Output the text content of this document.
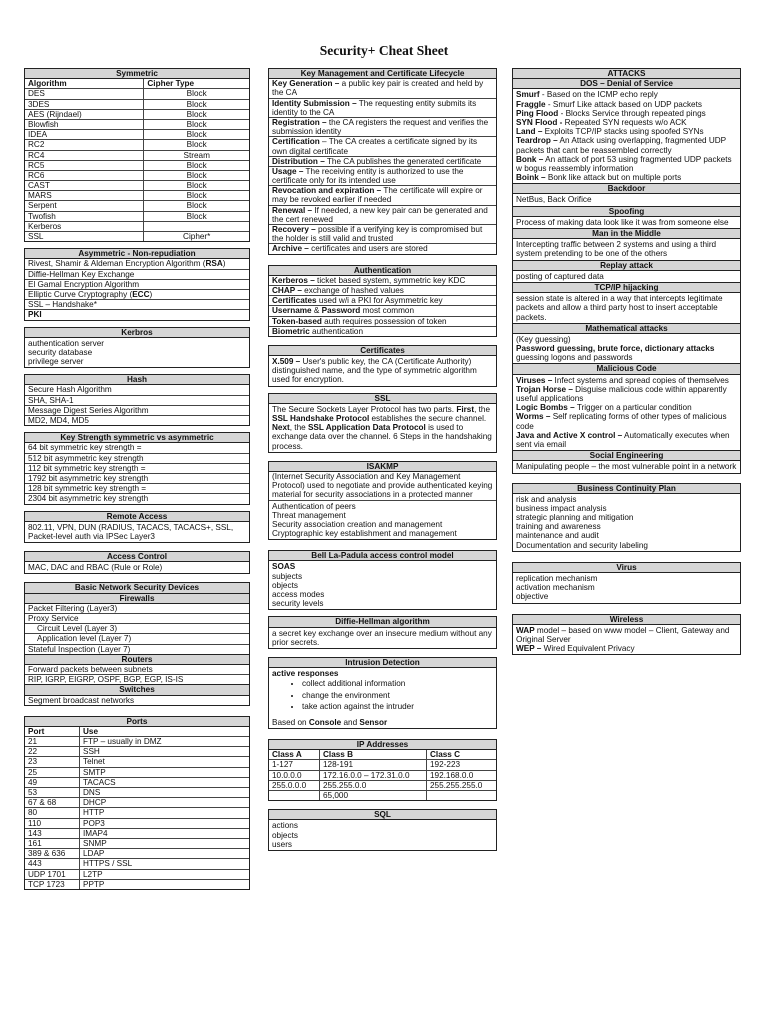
Security+ Cheat Sheet
Symmetric
Algorithm	Cipher Type
DES	Block
3DES	Block
AES (Rijndael)	Block
Blowfish	Block
IDEA	Block
RC2	Block
RC4	Stream
RC5	Block
RC6	Block
CAST	Block
MARS	Block
Serpent	Block
Twofish	Block
Kerberos	
SSL	Cipher*
Asymmetric - Non-repudiation
Rivest, Shamir & Aldeman Encryption Algorithm (RSA)
Diffie-Hellman Key Exchange
El Gamal Encryption Algorithm
Elliptic Curve Cryptography (ECC)
SSL – Handshake*
PKI
Kerbros
authentication server
security database
privilege server
Hash
Secure Hash Algorithm
SHA, SHA-1
Message Digest Series Algorithm
MD2, MD4, MD5
Key Strength symmetric vs asymmetric
64 bit symmetric key strength =
512 bit asymmetric key strength
112 bit symmetric key strength =
1792 bit asymmetric key strength
128 bit symmetric key strength =
2304 bit asymmetric key strength
Remote Access
802.11, VPN, DUN (RADIUS, TACACS, TACACS+, SSL, Packet-level auth via IPSec Layer3
Access Control
MAC, DAC and RBAC (Rule or Role)
Basic Network Security Devices
Firewalls
Packet Filtering (Layer3)
Proxy Service
Circuit Level (Layer 3)
Application level (Layer 7)
Stateful Inspection (Layer 7)
Routers
Forward packets between subnets
RIP, IGRP, EIGRP, OSPF, BGP, EGP, IS-IS
Switches
Segment broadcast networks
Ports
Port	Use
21	FTP – usually in DMZ
22	SSH
23	Telnet
25	SMTP
49	TACACS
53	DNS
67 & 68	DHCP
80	HTTP
110	POP3
143	IMAP4
161	SNMP
389 & 636	LDAP
443	HTTPS / SSL
UDP 1701	L2TP
TCP 1723	PPTP
Key Management and Certificate Lifecycle
Key Generation – a public key pair is created and held by the CA
Identity Submission – The requesting entity submits its identity to the CA
Registration – the CA registers the request and verifies the submission identity
Certification – The CA creates a certificate signed by its own digital certificate
Distribution – The CA publishes the generated certificate
Usage – The receiving entity is authorized to use the certificate only for its intended use
Revocation and expiration – The certificate will expire or may be revoked earlier if needed
Renewal – If needed, a new key pair can be generated and the cert renewed
Recovery – possible if a verifying key is compromised but the holder is still valid and trusted
Archive – certificates and users are stored
Authentication
Kerberos – ticket based system, symmetric key KDC
CHAP – exchange of hashed values
Certificates used w/i a PKI for Asymmetric key
Username & Password most common
Token-based auth requires possession of token
Biometric authentication
Certificates
X.509 – User's public key, the CA (Certificate Authority) distinguished name, and the type of symmetric algorithm used for encryption.
SSL
The Secure Sockets Layer Protocol has two parts. First, the SSL Handshake Protocol establishes the secure channel. Next, the SSL Application Data Protocol is used to exchange data over the channel. 6 Steps in the handshaking process.
ISAKMP
(Internet Security Association and Key Management Protocol) used to negotiate and provide authenticated keying material for security associations in a protected manner
Authentication of peers
Threat management
Security association creation and management
Cryptographic key establishment and management
Bell La-Padula access control model
SOAS
subjects
objects
access modes
security levels
Diffie-Hellman algorithm
a secret key exchange over an insecure medium without any prior secrets.
Intrusion Detection
active responses
• collect additional information
• change the environment
• take action against the intruder
Based on Console and Sensor
IP Addresses
Class A	Class B	Class C
1-127	128-191	192-223
10.0.0.0	172.16.0.0 – 172.31.0.0	192.168.0.0
255.0.0.0	255.255.0.0	255.255.255.0
	65,000	
SQL
actions
objects
users
ATTACKS
DOS – Denial of Service
Smurf - Based on the ICMP echo reply
Fraggle - Smurf Like attack based on UDP packets
Ping Flood - Blocks Service through repeated pings
SYN Flood - Repeated SYN requests w/o ACK
Land – Exploits TCP/IP stacks using spoofed SYNs
Teardrop – An Attack using overlapping, fragmented UDP packets that cant be reassembled correctly
Bonk – An attack of port 53 using fragmented UDP packets w bogus reassembly information
Boink – Bonk like attack but on multiple ports
Backdoor
NetBus, Back Orifice
Spoofing
Process of making data look like it was from someone else
Man in the Middle
Intercepting traffic between 2 systems and using a third system pretending to be one of the others
Replay attack
posting of captured data
TCP/IP hijacking
session state is altered in a way that intercepts legitimate packets and allow a third party host to insert acceptable packets.
Mathematical attacks
(Key guessing)
Password guessing, brute force, dictionary attacks
guessing logons and passwords
Malicious Code
Viruses – Infect systems and spread copies of themselves
Trojan Horse – Disguise malicious code within apparently useful applications
Logic Bombs – Trigger on a particular condition
Worms – Self replicating forms of other types of malicious code
Java and Active X control – Automatically executes when sent via email
Social Engineering
Manipulating people – the most vulnerable point in a network
Business Continuity Plan
risk and analysis
business impact analysis
strategic planning and mitigation
training and awareness
maintenance and audit
Documentation and security labeling
Virus
replication mechanism
activation mechanism
objective
Wireless
WAP model – based on www model – Client, Gateway and Original Server
WEP – Wired Equivalent Privacy
